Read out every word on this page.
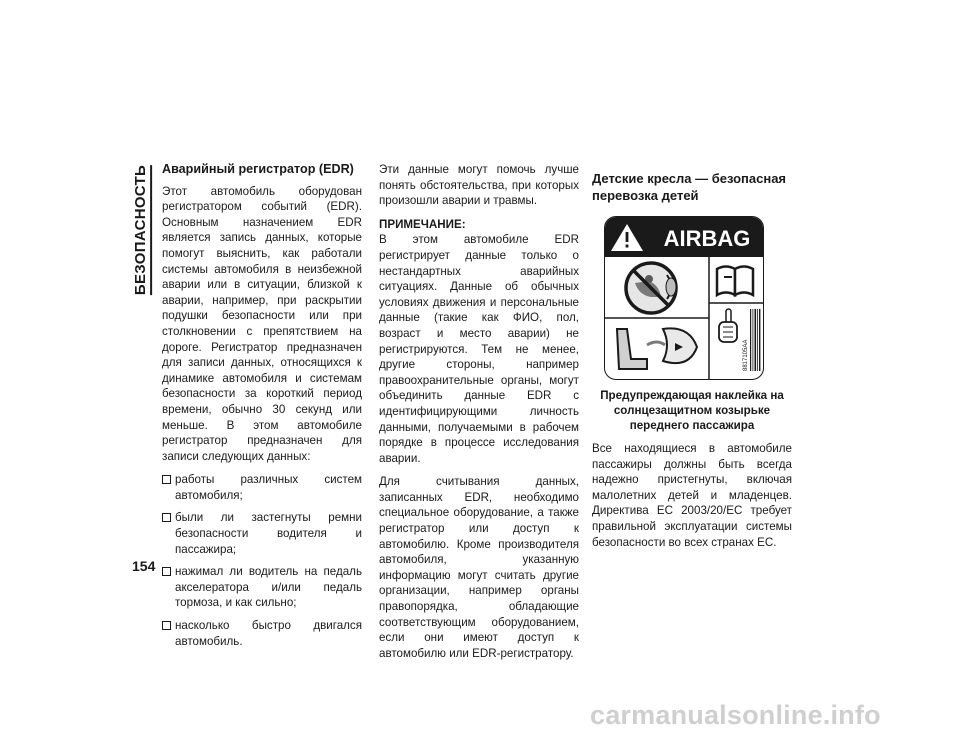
БЕЗОПАСНОСТЬ Аварийный регистратор (EDR)

Этот автомобиль оборудован регистратором событий (EDR). Основным назначением EDR является запись данных, которые помогут выяснить, как работали системы автомобиля в неизбежной аварии или в ситуации, близкой к аварии, например, при раскрытии подушки безопасности или при столкновении с препятствием на дороге. Регистратор предназначен для записи данных, относящихся к динамике автомобиля и системам безопасности за короткий период времени, обычно 30 секунд или меньше. В этом автомобиле регистратор предназначен для записи следующих данных:

работы различных систем автомобиля;
были ли застегнуты ремни безопасности водителя и пассажира;
нажимал ли водитель на педаль акселератора и/или педаль тормоза, и как сильно;
насколько быстро двигался автомобиль.

Эти данные могут помочь лучше понять обстоятельства, при которых произошли аварии и травмы.

ПРИМЕЧАНИЕ:

В этом автомобиле EDR регистрирует данные только о нестандартных аварийных ситуациях. Данные об обычных условиях движения и персональные данные (такие как ФИО, пол, возраст и место аварии) не регистрируются. Тем не менее, другие стороны, например правоохранительные органы, могут объединить данные EDR с идентифицирующими личность данными, получаемыми в рабочем порядке в процессе исследования аварии.

Для считывания данных, записанных EDR, необходимо специальное оборудование, а также регистратор или доступ к автомобилю. Кроме производителя автомобиля, указанную информацию могут считать другие организации, например органы правопорядка, обладающие соответствующим оборудованием, если они имеют доступ к автомобилю или EDR-регистратору.

Детские кресла — безопасная перевозка детей
AIRBAG
8817105AA
Предупреждающая наклейка на солнцезащитном козырьке переднего пассажира

Все находящиеся в автомобиле пассажиры должны быть всегда надежно пристегнуты, включая малолетних детей и младенцев. Директива ЕС 2003/20/ЕС требует правильной эксплуатации системы безопасности во всех странах ЕС.

154
carmanualsonline.info
